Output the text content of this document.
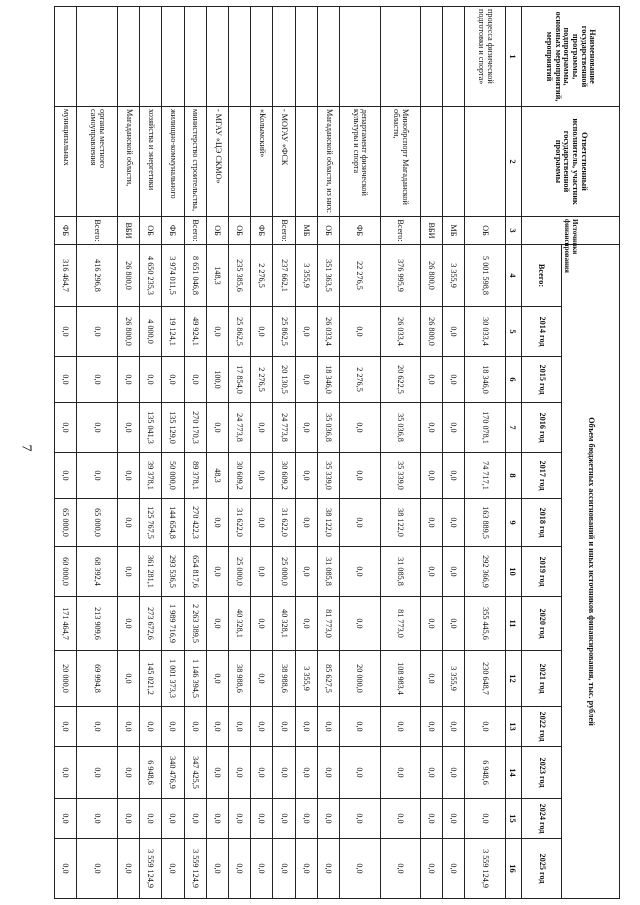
7
Наименование государственной программы, подпрограммы, основных мероприятий, мероприятий	Ответственный исполнитель, участник государственной программы	Источники финансирования	Объем бюджетных ассигнований и иных источников финансирования, тыс. рублей												
			Всего:	2014 год	2015 год	2016 год	2017 год	2018 год	2019 год	2020 год	2021 год	2022 год	2023 год	2024 год	2025 год
1	2	3	4	5	6	7	8	9	10	11	12	13	14	15	16
процесса физической подготовки и спорта»		ОБ	5 001 598,8	30 033,4	18 346,0	170 078,1	74 717,1	163 889,5	292 366,9	355 445,6	230 648,7	0,0	6 948,6	0,0	3 559 124,9
		МБ	3 355,9	0,0	0,0	0,0	0,0	0,0	0,0	0,0	3 355,9	0,0	0,0	0,0	0,0
		ВБИ	26 800,0	26 800,0	0,0	0,0	0,0	0,0	0,0	0,0	0,0	0,0	0,0	0,0	0,0
	Минобрспорт Магаданской области,	Всего:	376 995,9	26 033,4	20 622,5	35 036,8	35 339,0	38 122,0	31 085,8	81 773,0	108 983,4	0,0	0,0	0,0	0,0
	департамент физической культуры и спорта	ФБ	22 276,5	0,0	2 276,5	0,0	0,0	0,0	0,0	0,0	20 000,0	0,0	0,0	0,0	0,0
	Магаданской области, из них:	ОБ	351 363,5	26 033,4	18 346,0	35 036,8	35 339,0	38 122,0	31 085,8	81 773,0	85 627,5	0,0	0,0	0,0	0,0
		МБ	3 355,9	0,0	0,0	0,0	0,0	0,0	0,0	0,0	3 355,9	0,0	0,0	0,0	0,0
	- МОГАУ «ФСК	Всего:	237 662,1	25 862,5	20 130,5	24 773,8	30 609,2	31 622,0	25 000,0	40 328,1	38 988,6	0,0	0,0	0,0	0,0
	«Колымский»	ФБ	2 276,5	0,0	2 276,5	0,0	0,0	0,0	0,0	0,0	0,0	0,0	0,0	0,0	0,0
		ОБ	235 385,6	25 862,5	17 854,0	24 773,8	30 609,2	31 622,0	25 000,0	40 328,1	38 988,6	0,0	0,0	0,0	0,0
	- МГАУ «ЦЭ СКМО»	ОБ	148,3	0,0	100,0	0,0	48,3	0,0	0,0	0,0	0,0	0,0	0,0	0,0	0,0
	министерство строительства,	Всего:	8 651 046,8	49 924,1	0,0	270 170,3	89 378,1	270 422,3	654 817,6	2 263 389,5	1 146 394,5	0,0	347 425,5	0,0	3 559 124,9
	жилищно-коммунального	ФБ	3 974 011,5	19 124,1	0,0	135 129,0	50 000,0	144 654,8	293 536,5	1 989 716,9	1 001 373,3	0,0	340 476,9	0,0	0,0
	хозяйства и энергетики	ОБ	4 650 235,3	4 000,0	0,0	135 041,3	39 378,1	125 767,5	361 281,1	273 672,6	145 021,2	0,0	6 948,6	0,0	3 559 124,9
	Магаданской области,	ВБИ	26 800,0	26 800,0	0,0	0,0	0,0	0,0	0,0	0,0	0,0	0,0	0,0	0,0	0,0
	органы местного самоуправления	Всего:	416 296,8	0,0	0,0	0,0	0,0	65 000,0	68 392,4	213 909,6	69 994,8	0,0	0,0	0,0	0,0
	муниципальных	ФБ	316 464,7	0,0	0,0	0,0	0,0	65 000,0	60 000,0	171 464,7	20 000,0	0,0	0,0	0,0	0,0
